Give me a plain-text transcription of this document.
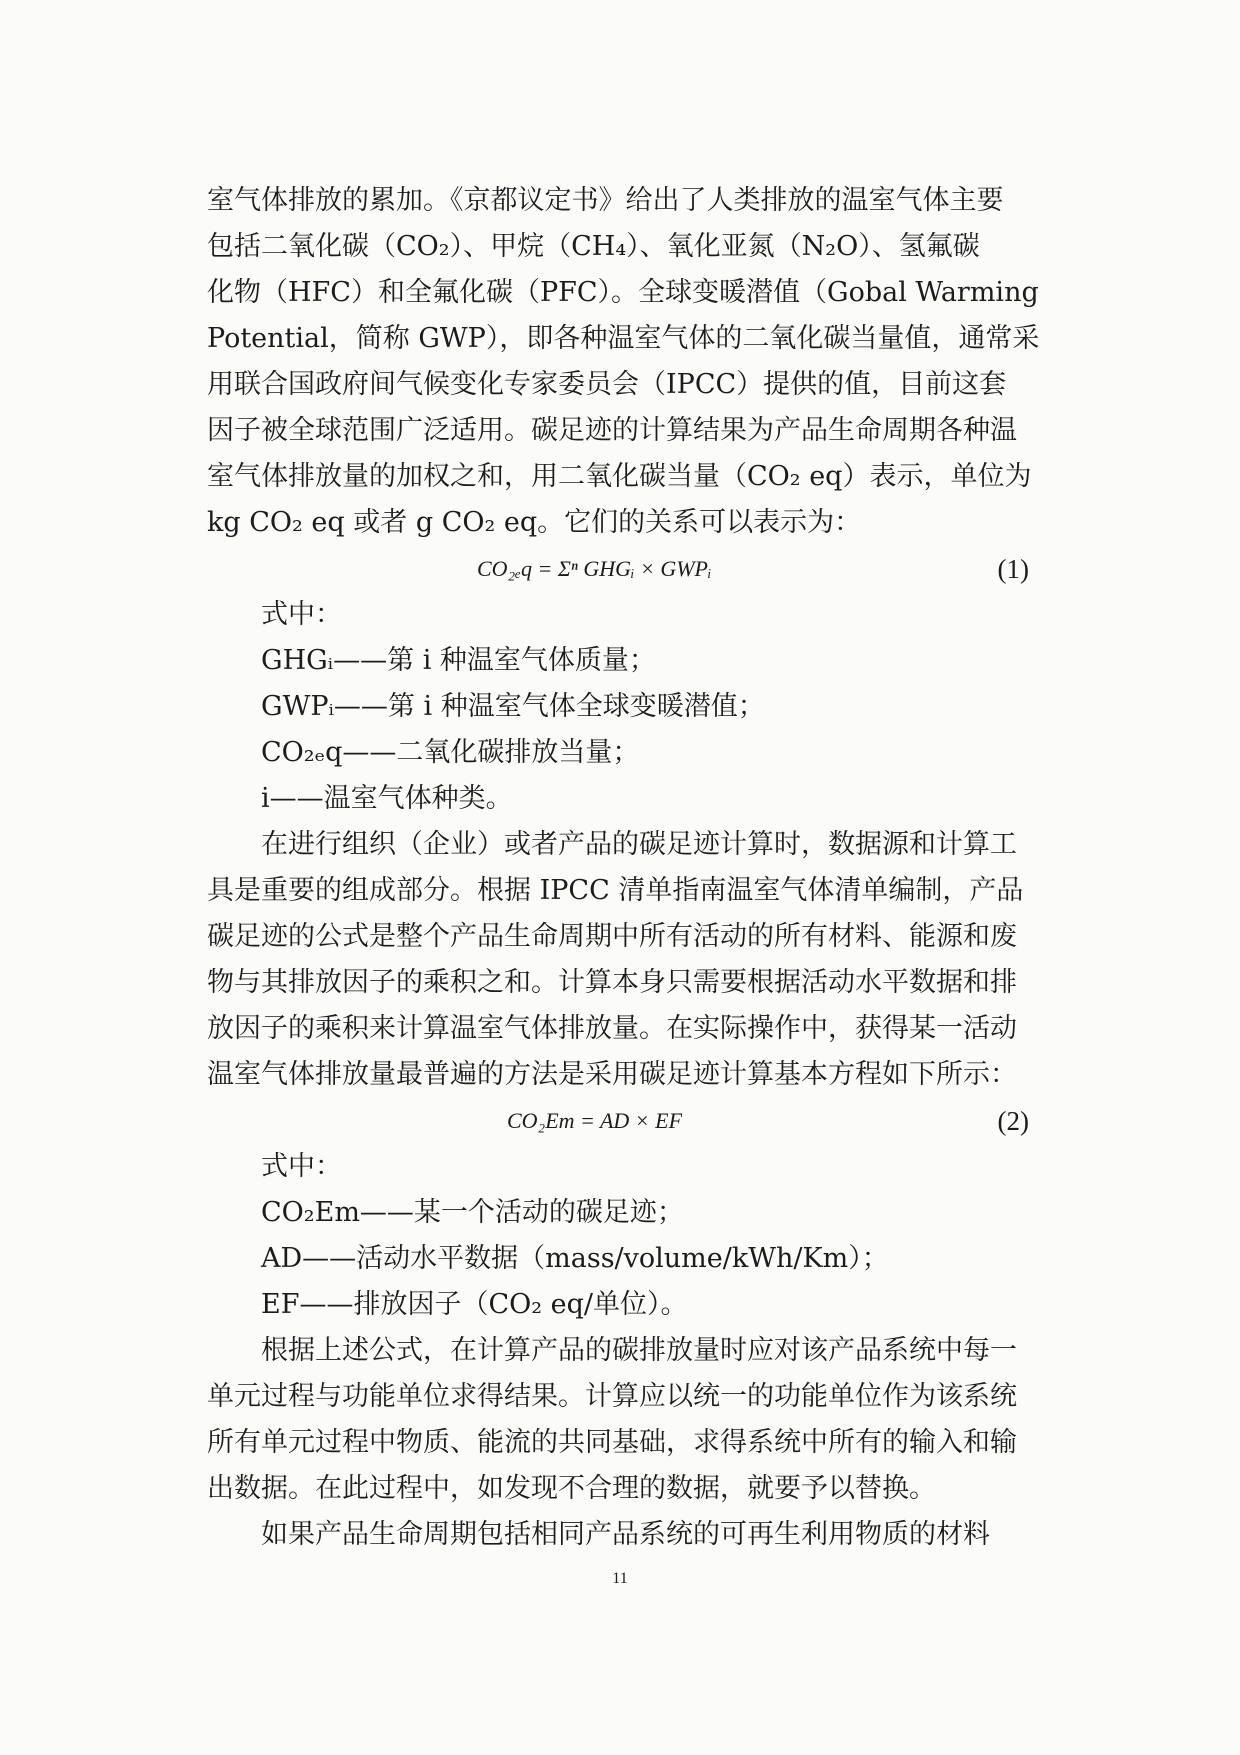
室气体排放的累加。《京都议定书》给出了人类排放的温室气体主要
包括二氧化碳（CO₂）、甲烷（CH₄）、氧化亚氮（N₂O）、氢氟碳
化物（HFC）和全氟化碳（PFC）。全球变暖潜值（Gobal Warming
Potential，简称 GWP），即各种温室气体的二氧化碳当量值，通常采
用联合国政府间气候变化专家委员会（IPCC）提供的值，目前这套
因子被全球范围广泛适用。碳足迹的计算结果为产品生命周期各种温
室气体排放量的加权之和，用二氧化碳当量（CO₂ eq）表示，单位为
kg CO₂ eq 或者 g CO₂ eq。它们的关系可以表示为：
CO₂ₑq = Σⁿ GHGᵢ × GWPᵢ	(1)
式中：
GHGᵢ——第 i 种温室气体质量；
GWPᵢ——第 i 种温室气体全球变暖潜值；
CO₂ₑq——二氧化碳排放当量；
i——温室气体种类。
在进行组织（企业）或者产品的碳足迹计算时，数据源和计算工
具是重要的组成部分。根据 IPCC 清单指南温室气体清单编制，产品
碳足迹的公式是整个产品生命周期中所有活动的所有材料、能源和废
物与其排放因子的乘积之和。计算本身只需要根据活动水平数据和排
放因子的乘积来计算温室气体排放量。在实际操作中，获得某一活动
温室气体排放量最普遍的方法是采用碳足迹计算基本方程如下所示：
CO₂Em = AD × EF	(2)
式中：
CO₂Em——某一个活动的碳足迹；
AD——活动水平数据（mass/volume/kWh/Km）；
EF——排放因子（CO₂ eq/单位）。
根据上述公式，在计算产品的碳排放量时应对该产品系统中每一
单元过程与功能单位求得结果。计算应以统一的功能单位作为该系统
所有单元过程中物质、能流的共同基础，求得系统中所有的输入和输
出数据。在此过程中，如发现不合理的数据，就要予以替换。
如果产品生命周期包括相同产品系统的可再生利用物质的材料
11
